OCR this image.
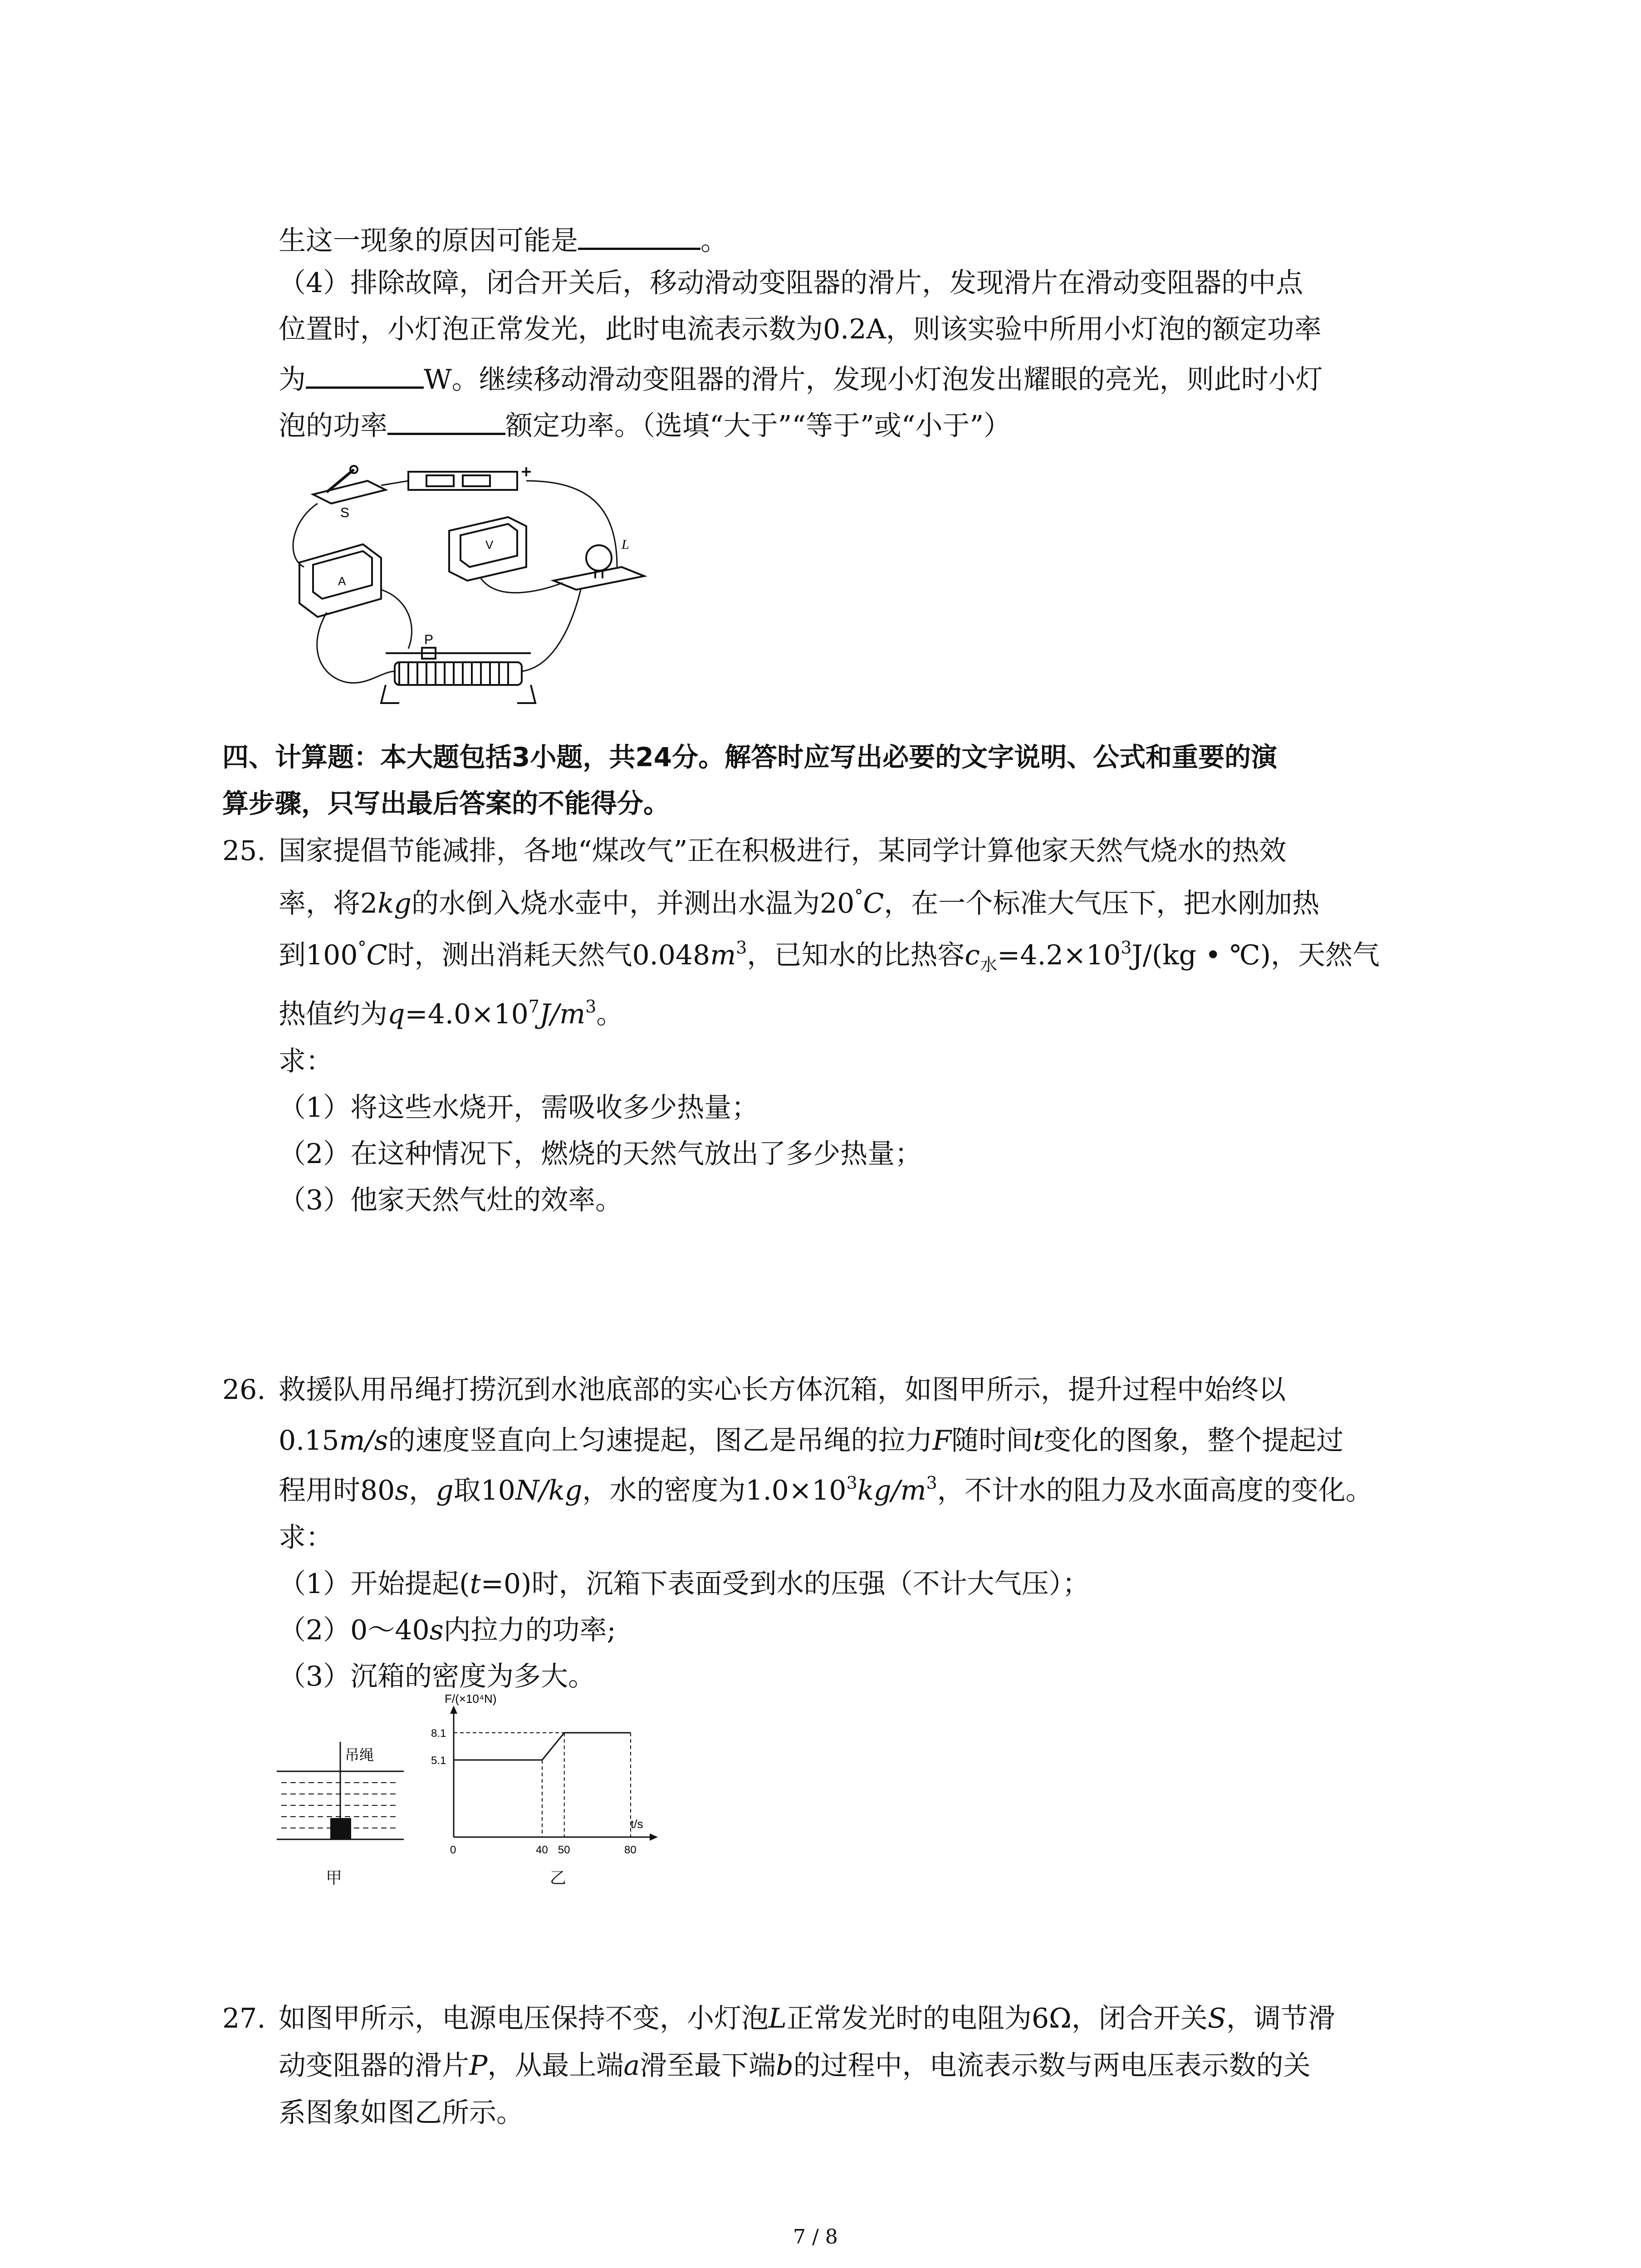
生这一现象的原因可能是	。
（4）排除故障，闭合开关后，移动滑动变阻器的滑片，发现滑片在滑动变阻器的中点
位置时，小灯泡正常发光，此时电流表示数为0.2A，则该实验中所用小灯泡的额定功率
为	W。继续移动滑动变阻器的滑片，发现小灯泡发出耀眼的亮光，则此时小灯
泡的功率	额定功率。（选填“大于”“等于”或“小于”）
S
A
V	L
P
四、计算题：本大题包括3小题，共24分。解答时应写出必要的文字说明、公式和重要的演
算步骤，只写出最后答案的不能得分。
25. 国家提倡节能减排，各地“煤改气”正在积极进行，某同学计算他家天然气烧水的热效
率，将2kg的水倒入烧水壶中，并测出水温为20°C，在一个标准大气压下，把水刚加热
到100°C时，测出消耗天然气$0.048m^3$，已知水的比热容$c_水=4.2\times 10^3J/(kg$ • ℃)，天然气
热值约为$q=4.0\times 10^7J/m^3$。
求：
（1）将这些水烧开，需吸收多少热量；
（2）在这种情况下，燃烧的天然气放出了多少热量；
（3）他家天然气灶的效率。
26. 救援队用吊绳打捞沉到水池底部的实心长方体沉箱，如图甲所示，提升过程中始终以
0.15m/s的速度竖直向上匀速提起，图乙是吊绳的拉力F随时间t变化的图象，整个提起过
程用时80s，g取10N/kg，水的密度为$1.0\times 10^3kg/m^3$，不计水的阻力及水面高度的变化。
求：
（1）开始提起(t=0)时，沉箱下表面受到水的压强（不计大气压）；
（2）0～40s内拉力的功率;
（3）沉箱的密度为多大。
吊绳
甲
F/(×10⁴N)
t/s
8.1
5.1
0	40 50	80
乙
27. 如图甲所示，电源电压保持不变，小灯泡L正常发光时的电阻为6Ω，闭合开关S，调节滑
动变阻器的滑片P，从最上端a滑至最下端b的过程中，电流表示数与两电压表示数的关
系图象如图乙所示。
7 / 8
